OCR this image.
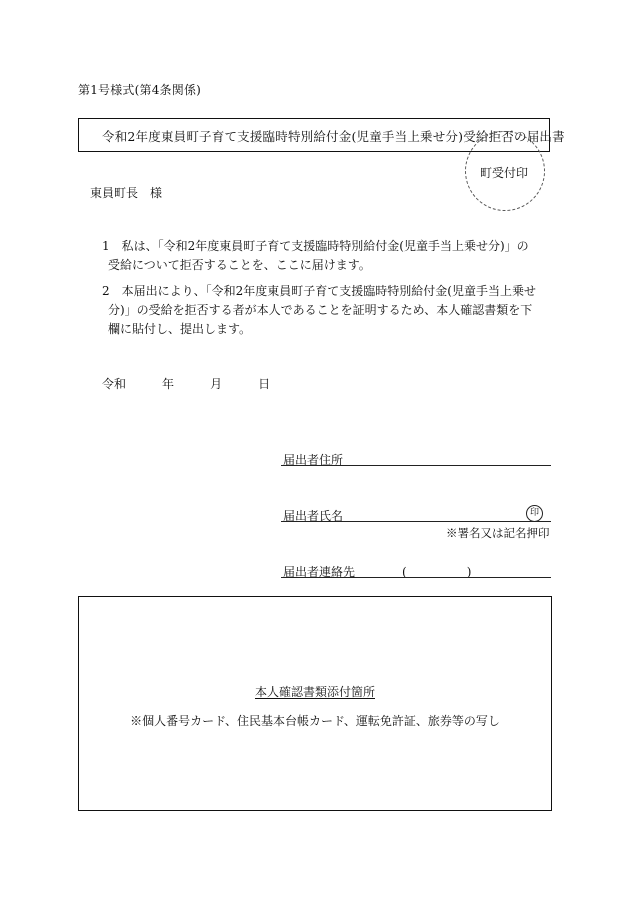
第1号様式(第4条関係)
令和2年度東員町子育て支援臨時特別給付金(児童手当上乗せ分)受給拒否の届出書
町受付印
東員町長　様
1　私は、「令和2年度東員町子育て支援臨時特別給付金(児童手当上乗せ分)」の
受給について拒否することを、ここに届けます。
2　本届出により、「令和2年度東員町子育て支援臨時特別給付金(児童手当上乗せ
分)」の受給を拒否する者が本人であることを証明するため、本人確認書類を下
欄に貼付し、提出します。
令和　　　	年　　　	月　　　	日
届出者住所
届出者氏名	印
※署名又は記名押印
届出者連絡先	(　　　　　	)
本人確認書類添付箇所
※個人番号カード、住民基本台帳カード、運転免許証、旅券等の写し
